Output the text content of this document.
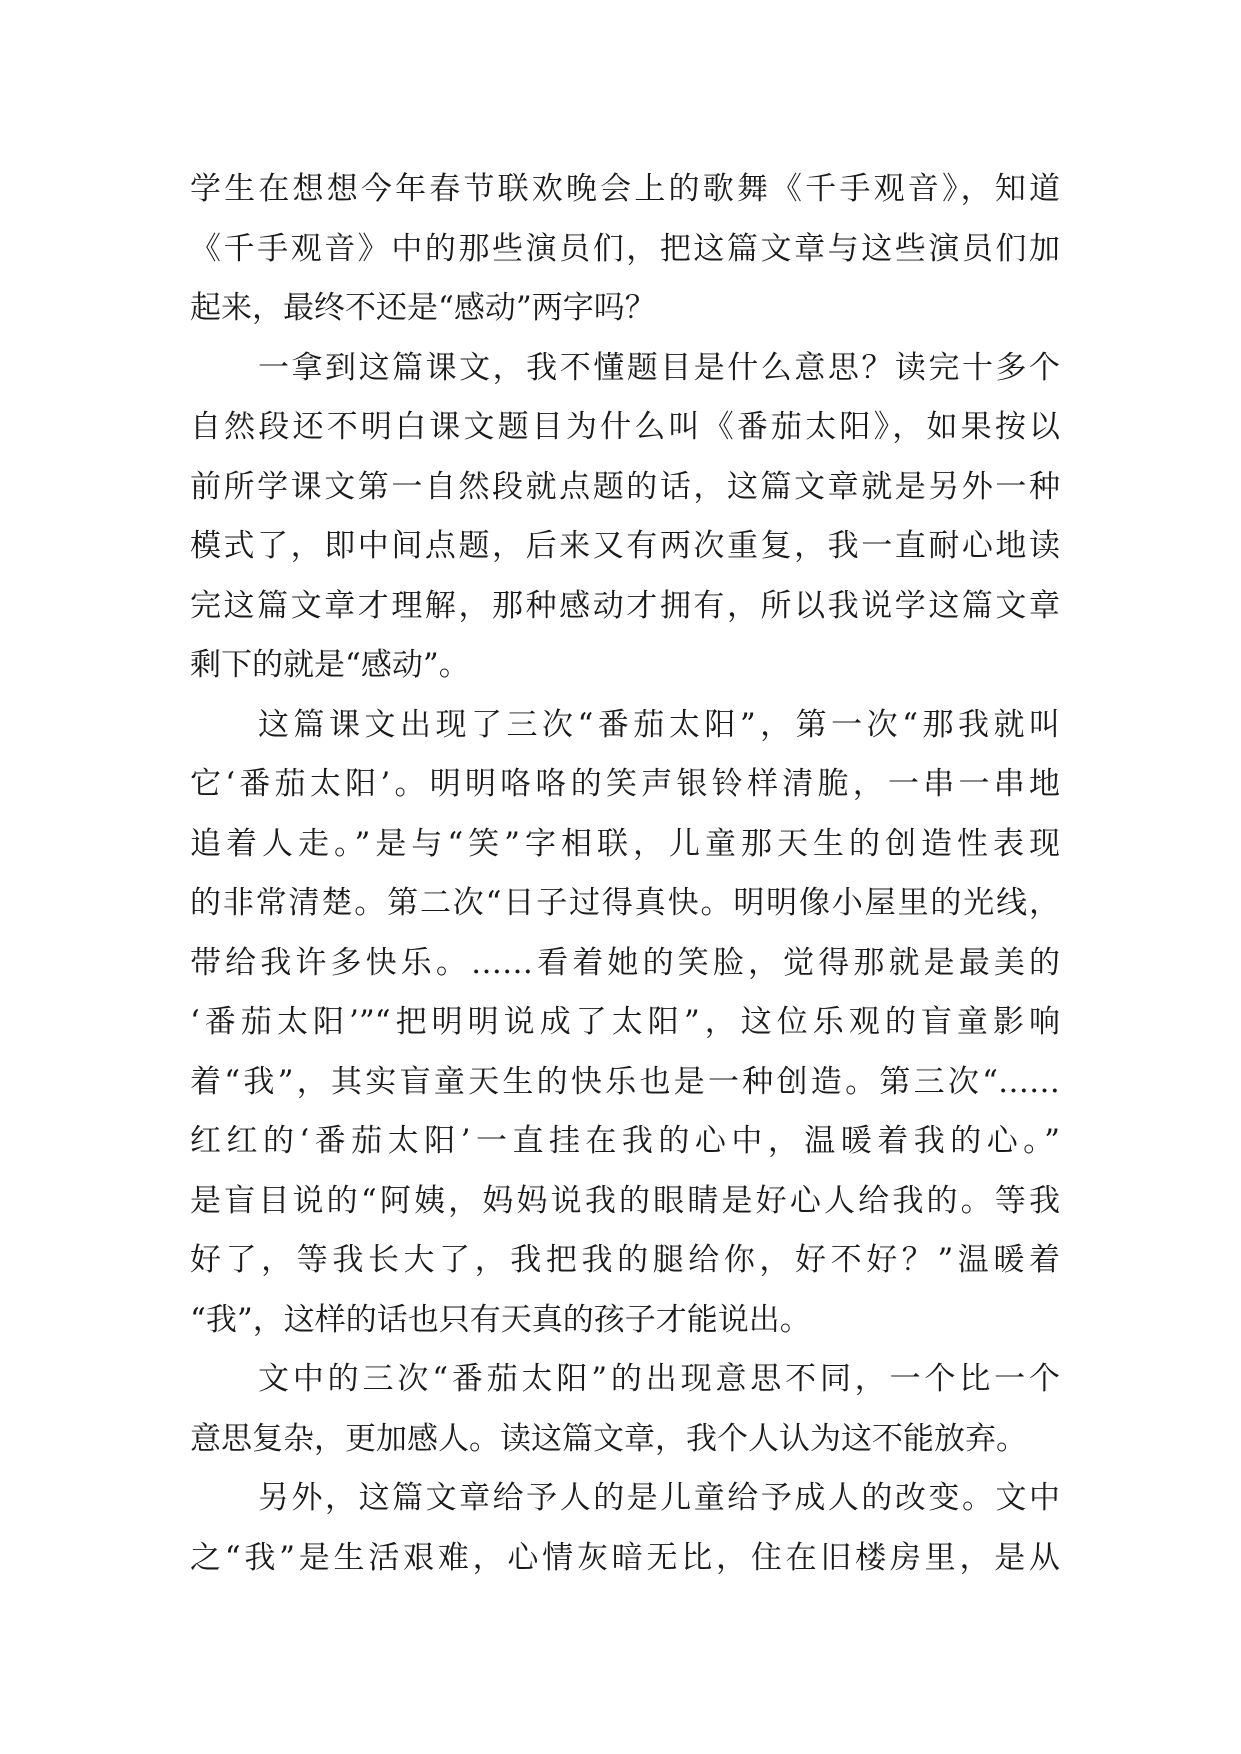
学生在想想今年春节联欢晚会上的歌舞《千手观音》，知道
《千手观音》中的那些演员们，把这篇文章与这些演员们加
起来，最终不还是“感动”两字吗？
一拿到这篇课文，我不懂题目是什么意思？读完十多个
自然段还不明白课文题目为什么叫《番茄太阳》，如果按以
前所学课文第一自然段就点题的话，这篇文章就是另外一种
模式了，即中间点题，后来又有两次重复，我一直耐心地读
完这篇文章才理解，那种感动才拥有，所以我说学这篇文章
剩下的就是“感动”。
这篇课文出现了三次“番茄太阳”，第一次“那我就叫
它‘番茄太阳’。明明咯咯的笑声银铃样清脆，一串一串地
追着人走。”是与“笑”字相联，儿童那天生的创造性表现
的非常清楚。第二次“日子过得真快。明明像小屋里的光线，
带给我许多快乐。……看着她的笑脸，觉得那就是最美的
‘番茄太阳’”“把明明说成了太阳”，这位乐观的盲童影响
着“我”，其实盲童天生的快乐也是一种创造。第三次“……
红红的‘番茄太阳’一直挂在我的心中，温暖着我的心。”
是盲目说的“阿姨，妈妈说我的眼睛是好心人给我的。等我
好了，等我长大了，我把我的腿给你，好不好？”温暖着
“我”，这样的话也只有天真的孩子才能说出。
文中的三次“番茄太阳”的出现意思不同，一个比一个
意思复杂，更加感人。读这篇文章，我个人认为这不能放弃。
另外，这篇文章给予人的是儿童给予成人的改变。文中
之“我”是生活艰难，心情灰暗无比，住在旧楼房里，是从
